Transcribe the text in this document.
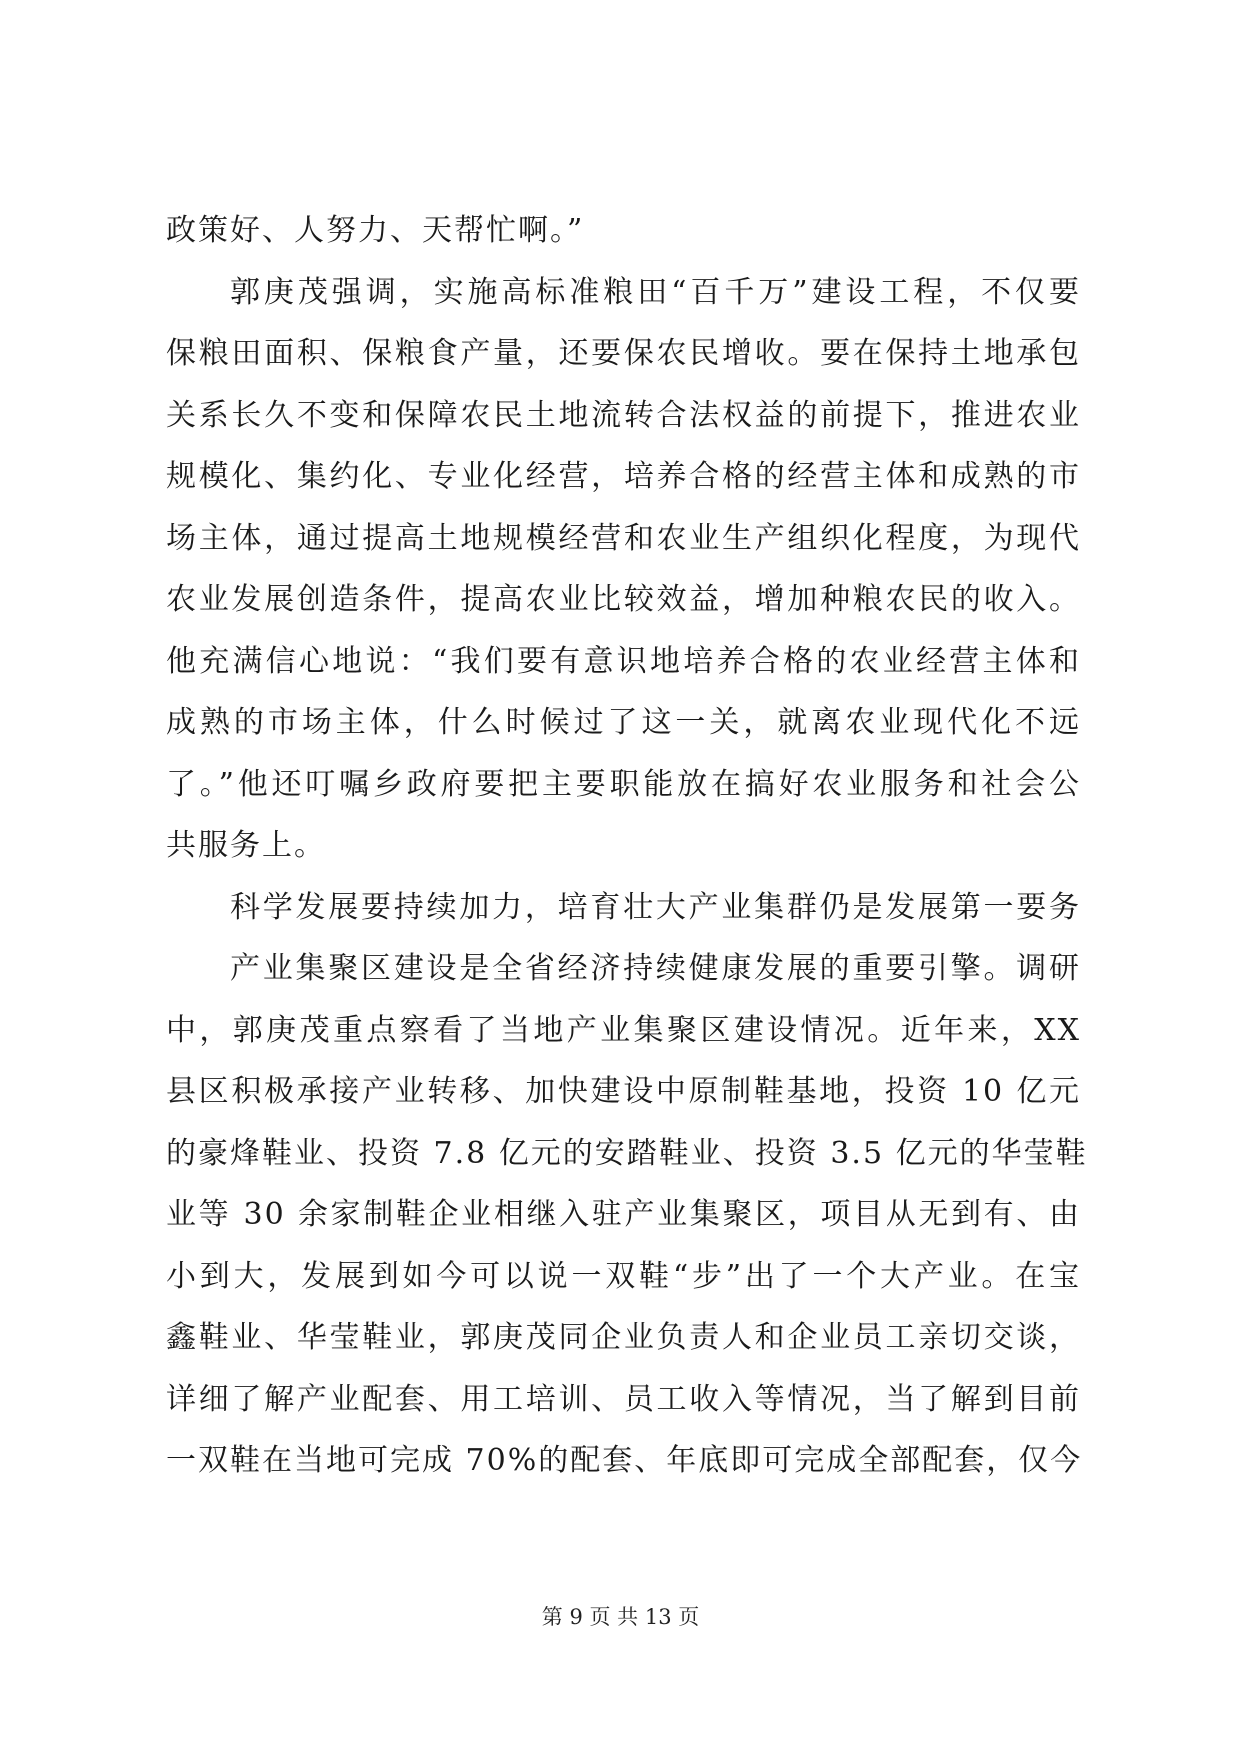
政策好、人努力、天帮忙啊。”
郭庚茂强调，实施高标准粮田“百千万”建设工程，不仅要
保粮田面积、保粮食产量，还要保农民增收。要在保持土地承包
关系长久不变和保障农民土地流转合法权益的前提下，推进农业
规模化、集约化、专业化经营，培养合格的经营主体和成熟的市
场主体，通过提高土地规模经营和农业生产组织化程度，为现代
农业发展创造条件，提高农业比较效益，增加种粮农民的收入。
他充满信心地说：“我们要有意识地培养合格的农业经营主体和
成熟的市场主体，什么时候过了这一关，就离农业现代化不远
了。”他还叮嘱乡政府要把主要职能放在搞好农业服务和社会公
共服务上。
科学发展要持续加力，培育壮大产业集群仍是发展第一要务
产业集聚区建设是全省经济持续健康发展的重要引擎。调研
中，郭庚茂重点察看了当地产业集聚区建设情况。近年来，XX
县区积极承接产业转移、加快建设中原制鞋基地，投资 10 亿元
的豪烽鞋业、投资 7.8 亿元的安踏鞋业、投资 3.5 亿元的华莹鞋
业等 30 余家制鞋企业相继入驻产业集聚区，项目从无到有、由
小到大，发展到如今可以说一双鞋“步”出了一个大产业。在宝
鑫鞋业、华莹鞋业，郭庚茂同企业负责人和企业员工亲切交谈，
详细了解产业配套、用工培训、员工收入等情况，当了解到目前
一双鞋在当地可完成 70%的配套、年底即可完成全部配套，仅今
第 9 页 共 13 页
